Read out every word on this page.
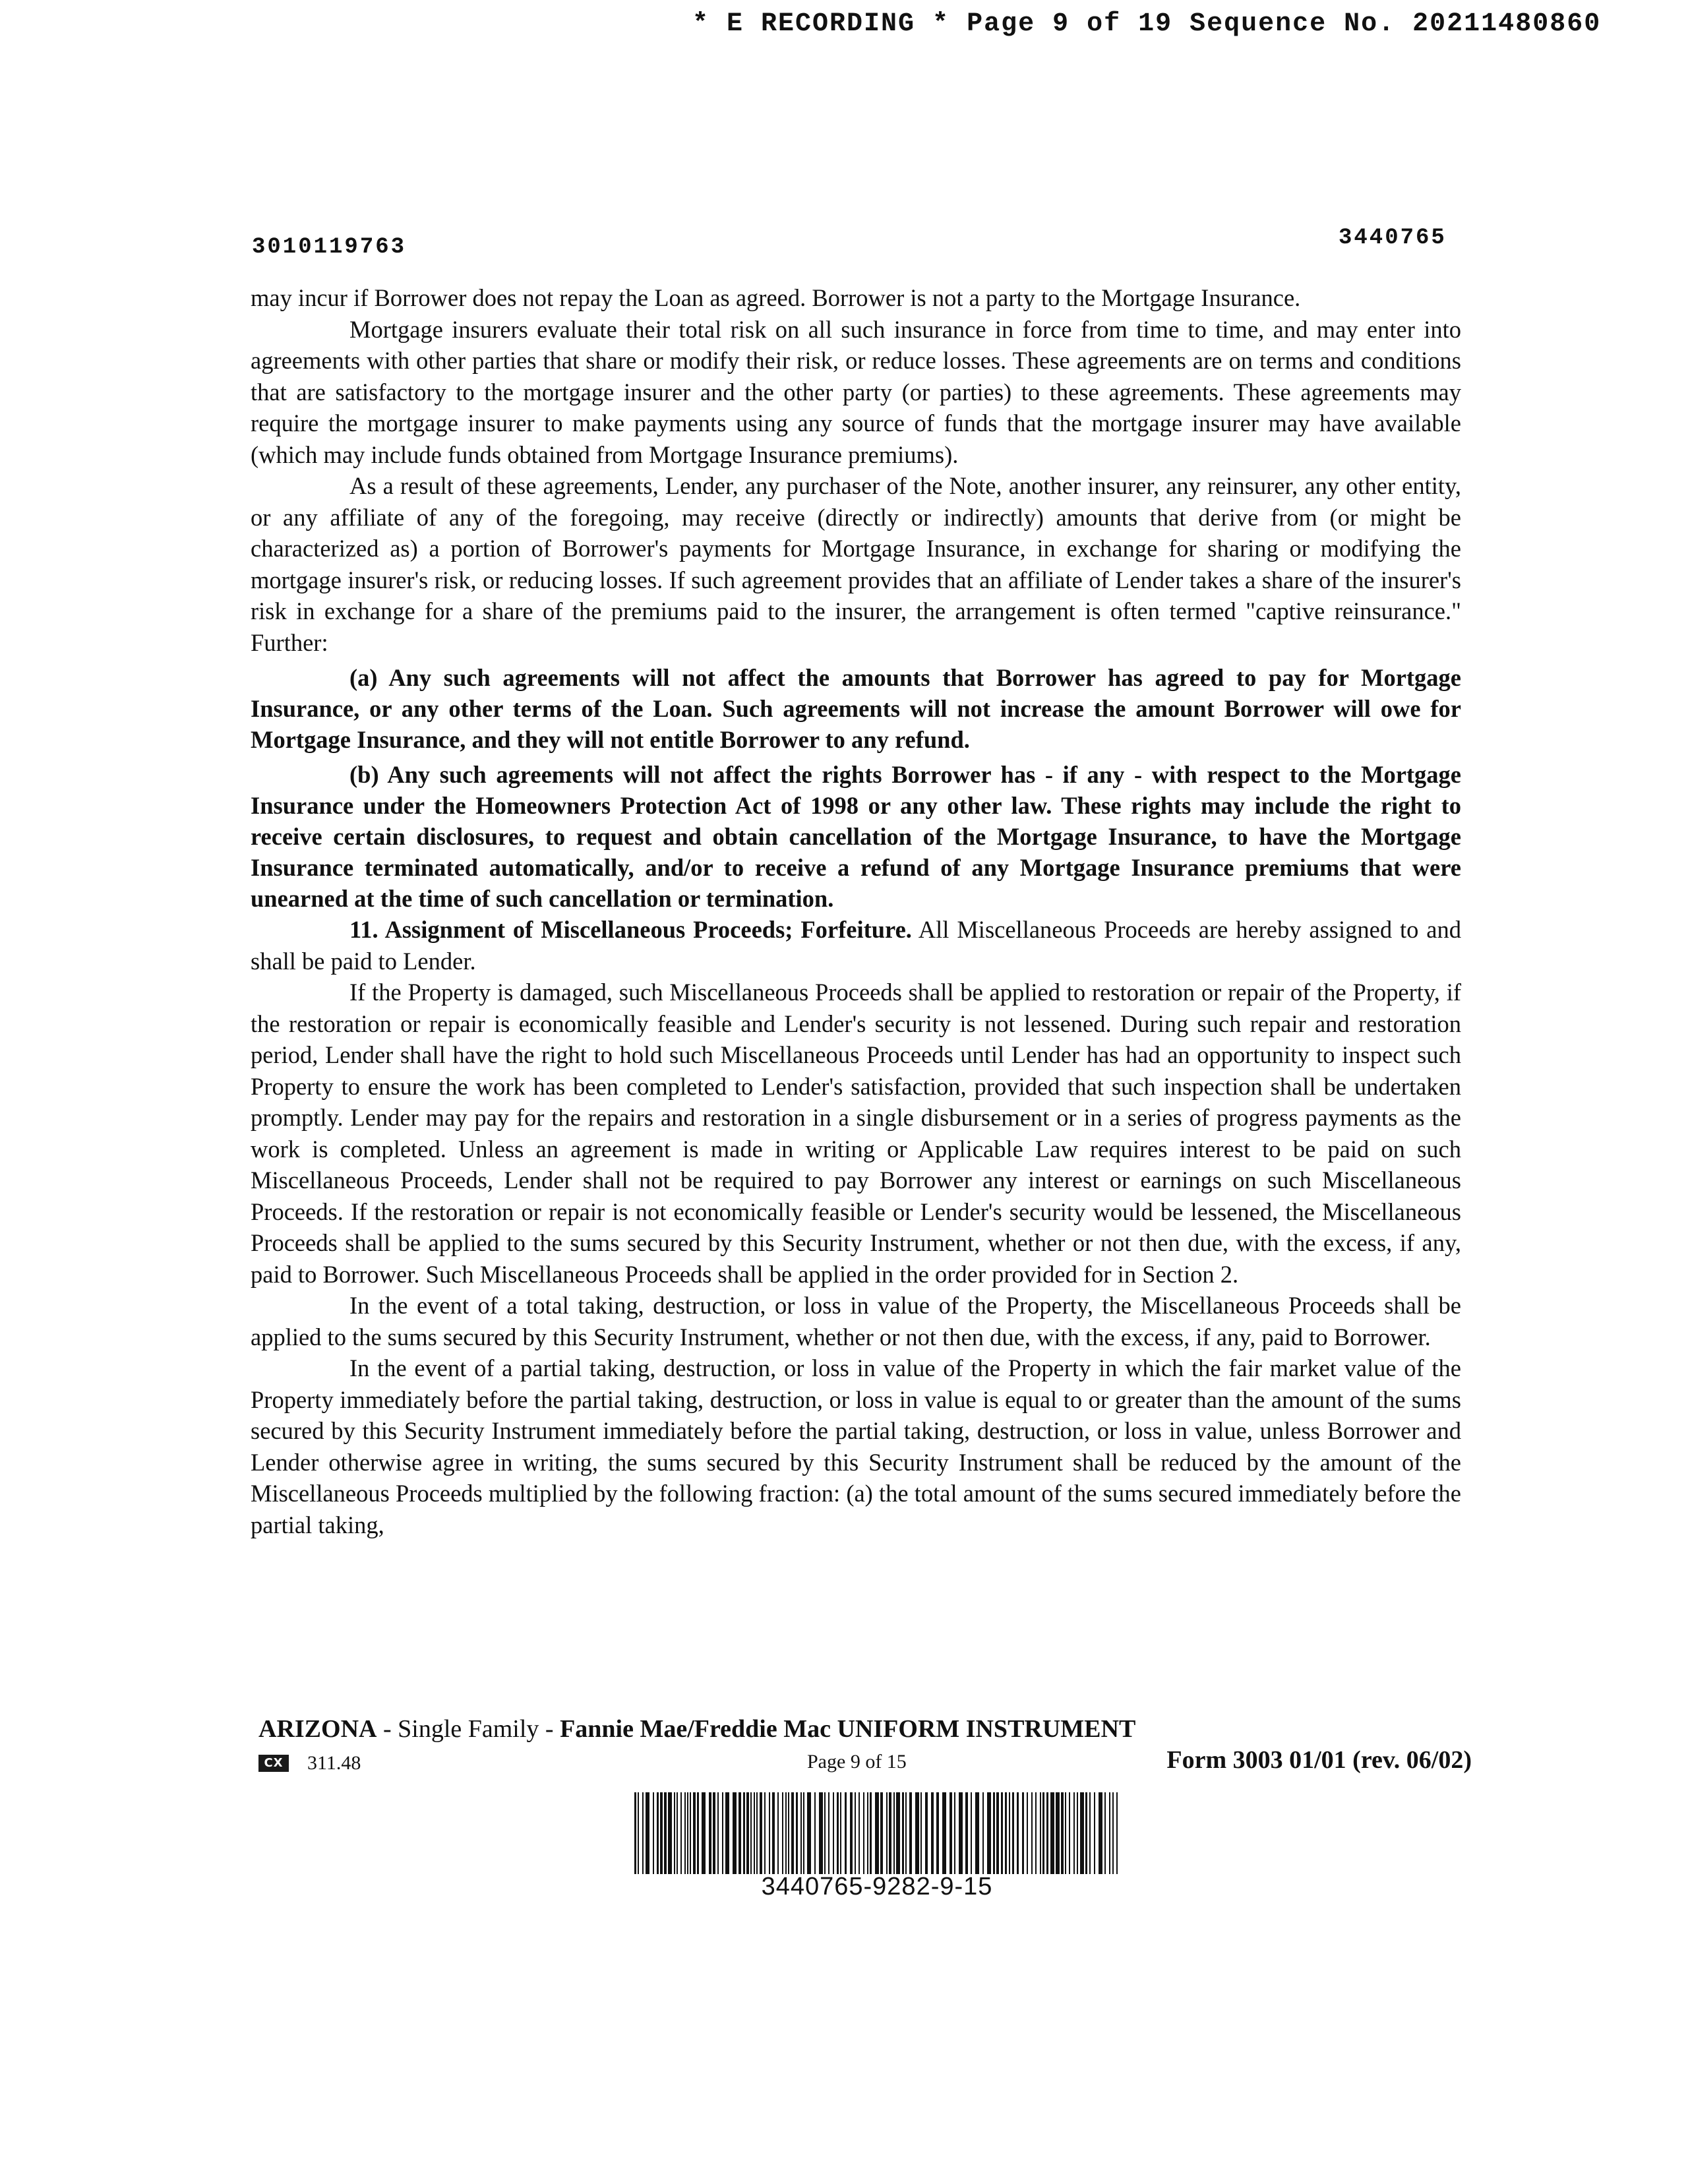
* E RECORDING * Page 9 of 19 Sequence No. 20211480860
3010119763	3440765

may incur if Borrower does not repay the Loan as agreed. Borrower is not a party to the Mortgage Insurance.

Mortgage insurers evaluate their total risk on all such insurance in force from time to time, and may enter into agreements with other parties that share or modify their risk, or reduce losses. These agreements are on terms and conditions that are satisfactory to the mortgage insurer and the other party (or parties) to these agreements. These agreements may require the mortgage insurer to make payments using any source of funds that the mortgage insurer may have available (which may include funds obtained from Mortgage Insurance premiums).

As a result of these agreements, Lender, any purchaser of the Note, another insurer, any reinsurer, any other entity, or any affiliate of any of the foregoing, may receive (directly or indirectly) amounts that derive from (or might be characterized as) a portion of Borrower's payments for Mortgage Insurance, in exchange for sharing or modifying the mortgage insurer's risk, or reducing losses. If such agreement provides that an affiliate of Lender takes a share of the insurer's risk in exchange for a share of the premiums paid to the insurer, the arrangement is often termed "captive reinsurance." Further:

(a) Any such agreements will not affect the amounts that Borrower has agreed to pay for Mortgage Insurance, or any other terms of the Loan. Such agreements will not increase the amount Borrower will owe for Mortgage Insurance, and they will not entitle Borrower to any refund.

(b) Any such agreements will not affect the rights Borrower has - if any - with respect to the Mortgage Insurance under the Homeowners Protection Act of 1998 or any other law. These rights may include the right to receive certain disclosures, to request and obtain cancellation of the Mortgage Insurance, to have the Mortgage Insurance terminated automatically, and/or to receive a refund of any Mortgage Insurance premiums that were unearned at the time of such cancellation or termination.

11. Assignment of Miscellaneous Proceeds; Forfeiture. All Miscellaneous Proceeds are hereby assigned to and shall be paid to Lender.

If the Property is damaged, such Miscellaneous Proceeds shall be applied to restoration or repair of the Property, if the restoration or repair is economically feasible and Lender's security is not lessened. During such repair and restoration period, Lender shall have the right to hold such Miscellaneous Proceeds until Lender has had an opportunity to inspect such Property to ensure the work has been completed to Lender's satisfaction, provided that such inspection shall be undertaken promptly. Lender may pay for the repairs and restoration in a single disbursement or in a series of progress payments as the work is completed. Unless an agreement is made in writing or Applicable Law requires interest to be paid on such Miscellaneous Proceeds, Lender shall not be required to pay Borrower any interest or earnings on such Miscellaneous Proceeds. If the restoration or repair is not economically feasible or Lender's security would be lessened, the Miscellaneous Proceeds shall be applied to the sums secured by this Security Instrument, whether or not then due, with the excess, if any, paid to Borrower. Such Miscellaneous Proceeds shall be applied in the order provided for in Section 2.

In the event of a total taking, destruction, or loss in value of the Property, the Miscellaneous Proceeds shall be applied to the sums secured by this Security Instrument, whether or not then due, with the excess, if any, paid to Borrower.

In the event of a partial taking, destruction, or loss in value of the Property in which the fair market value of the Property immediately before the partial taking, destruction, or loss in value is equal to or greater than the amount of the sums secured by this Security Instrument immediately before the partial taking, destruction, or loss in value, unless Borrower and Lender otherwise agree in writing, the sums secured by this Security Instrument shall be reduced by the amount of the Miscellaneous Proceeds multiplied by the following fraction: (a) the total amount of the sums secured immediately before the partial taking,

ARIZONA - Single Family - Fannie Mae/Freddie Mac UNIFORM INSTRUMENT
CX 311.48	Page 9 of 15	Form 3003 01/01 (rev. 06/02)
3440765-9282-9-15
